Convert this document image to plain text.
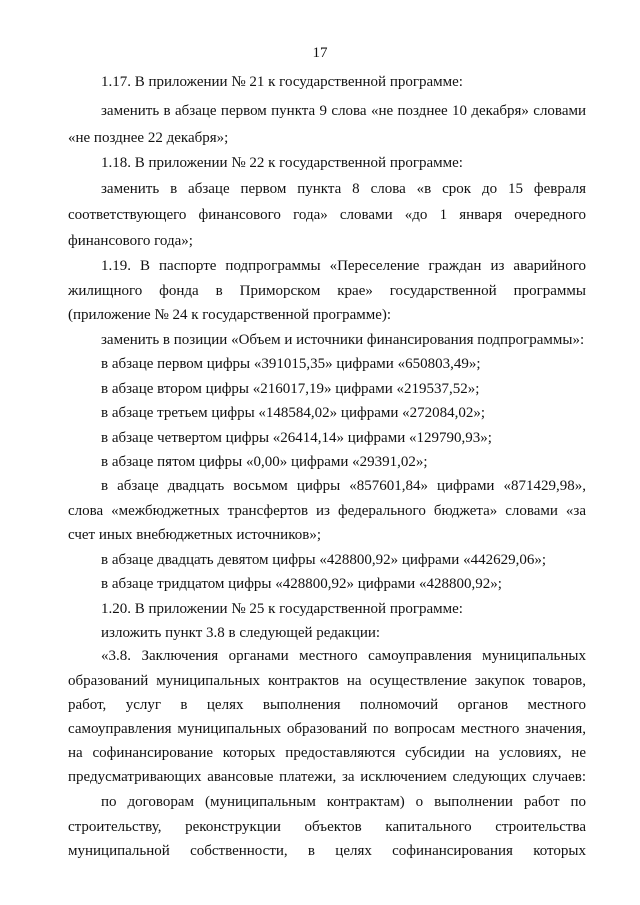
17
1.17. В приложении № 21 к государственной программе:
заменить в абзаце первом пункта 9 слова «не позднее 10 декабря» словами
«не позднее 22 декабря»;
1.18. В приложении № 22 к государственной программе:
заменить в абзаце первом пункта 8 слова «в срок до 15 февраля
соответствующего финансового года» словами «до 1 января очередного
финансового года»;
1.19. В паспорте подпрограммы «Переселение граждан из аварийного
жилищного фонда в Приморском крае» государственной программы
(приложение № 24 к государственной программе):
заменить в позиции «Объем и источники финансирования подпрограммы»:
в абзаце первом цифры «391015,35» цифрами «650803,49»;
в абзаце втором цифры «216017,19» цифрами «219537,52»;
в абзаце третьем цифры «148584,02» цифрами «272084,02»;
в абзаце четвертом цифры «26414,14» цифрами «129790,93»;
в абзаце пятом цифры «0,00» цифрами «29391,02»;
в абзаце двадцать восьмом цифры «857601,84» цифрами «871429,98»,
слова «межбюджетных трансфертов из федерального бюджета» словами «за
счет иных внебюджетных источников»;
в абзаце двадцать девятом цифры «428800,92» цифрами «442629,06»;
в абзаце тридцатом цифры «428800,92» цифрами «428800,92»;
1.20. В приложении № 25 к государственной программе:
изложить пункт 3.8 в следующей редакции:
«3.8. Заключения органами местного самоуправления муниципальных
образований муниципальных контрактов на осуществление закупок товаров,
работ, услуг в целях выполнения полномочий органов местного
самоуправления муниципальных образований по вопросам местного значения,
на софинансирование которых предоставляются субсидии на условиях, не
предусматривающих авансовые платежи, за исключением следующих случаев:
по договорам (муниципальным контрактам) о выполнении работ по
строительству, реконструкции объектов капитального строительства
муниципальной собственности, в целях софинансирования которых
